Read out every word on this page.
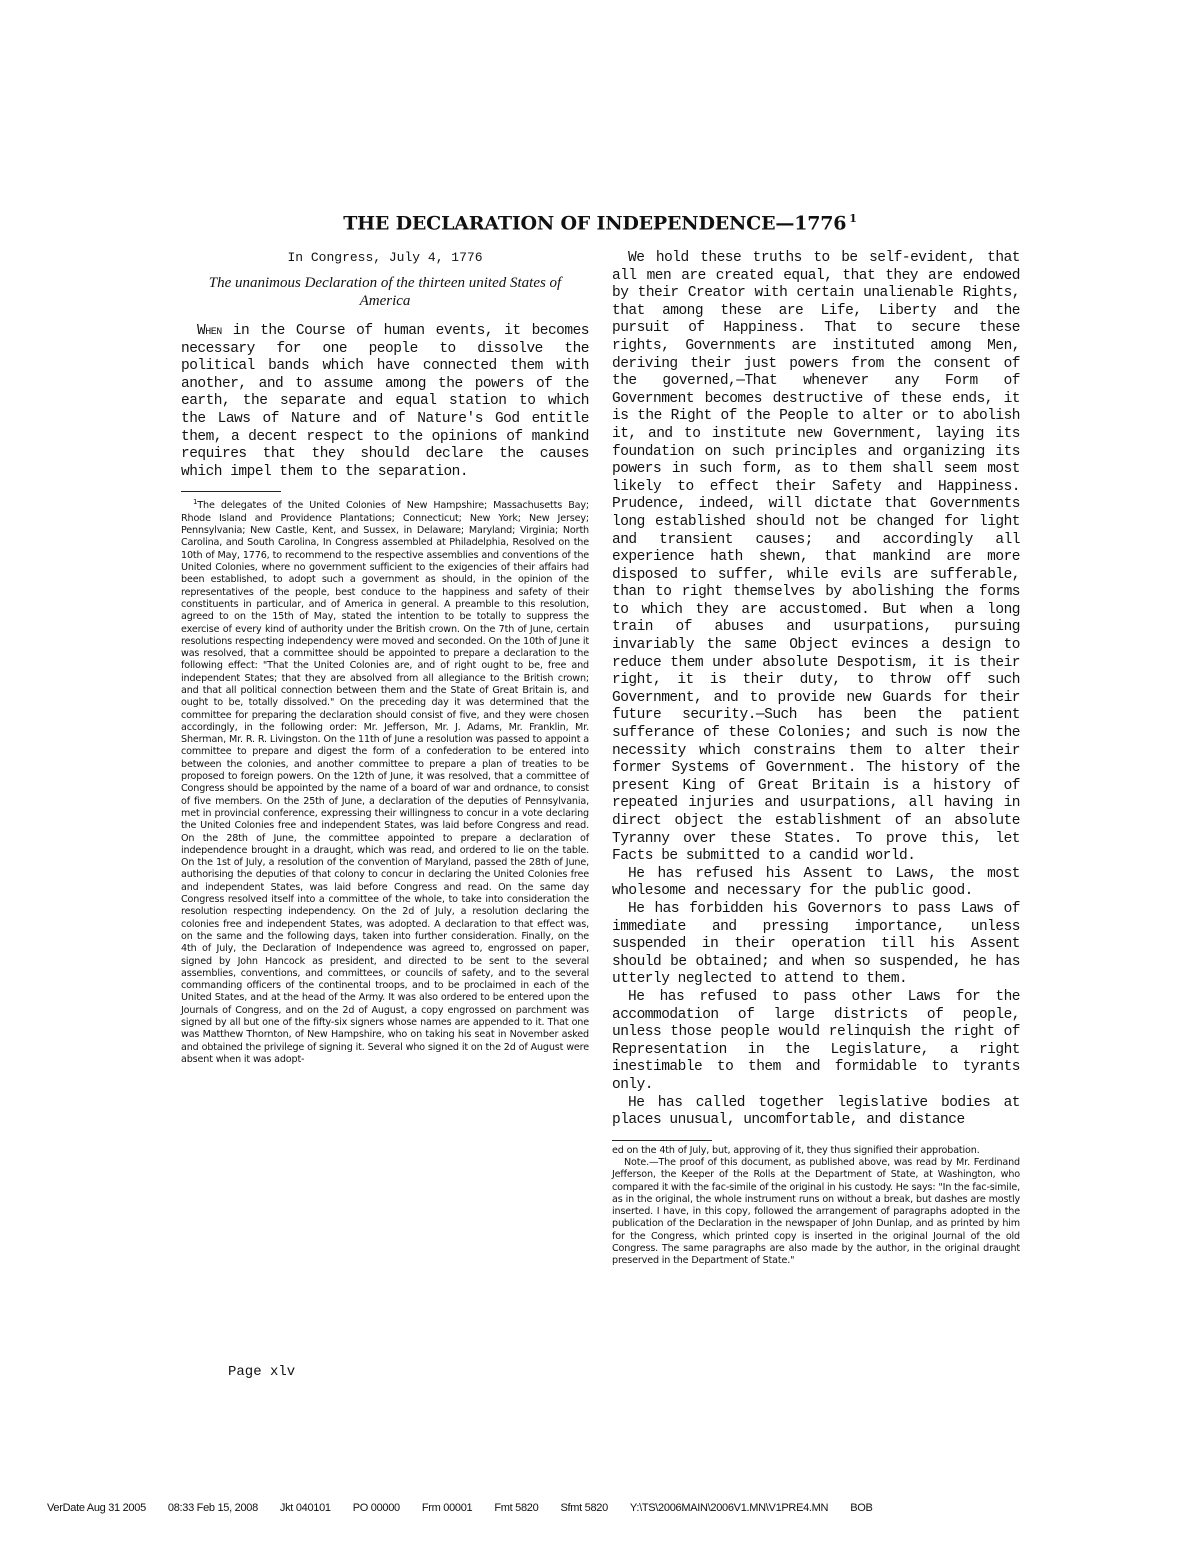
THE DECLARATION OF INDEPENDENCE—1776 $^1$

In Congress, July 4, 1776

The unanimous Declaration of the thirteen united States of America

When in the Course of human events, it becomes necessary for one people to dissolve the political bands which have connected them with another, and to assume among the powers of the earth, the separate and equal station to which the Laws of Nature and of Nature's God entitle them, a decent respect to the opinions of mankind requires that they should declare the causes which impel them to the separation.

$^1$The delegates of the United Colonies of New Hampshire; Massachusetts Bay; Rhode Island and Providence Plantations; Connecticut; New York; New Jersey; Pennsylvania; New Castle, Kent, and Sussex, in Delaware; Maryland; Virginia; North Carolina, and South Carolina, In Congress assembled at Philadelphia, Resolved on the 10th of May, 1776, to recommend to the respective assemblies and conventions of the United Colonies, where no government sufficient to the exigencies of their affairs had been established, to adopt such a government as should, in the opinion of the representatives of the people, best conduce to the happiness and safety of their constituents in particular, and of America in general. A preamble to this resolution, agreed to on the 15th of May, stated the intention to be totally to suppress the exercise of every kind of authority under the British crown. On the 7th of June, certain resolutions respecting independency were moved and seconded. On the 10th of June it was resolved, that a committee should be appointed to prepare a declaration to the following effect: "That the United Colonies are, and of right ought to be, free and independent States; that they are absolved from all allegiance to the British crown; and that all political connection between them and the State of Great Britain is, and ought to be, totally dissolved." On the preceding day it was determined that the committee for preparing the declaration should consist of five, and they were chosen accordingly, in the following order: Mr. Jefferson, Mr. J. Adams, Mr. Franklin, Mr. Sherman, Mr. R. R. Livingston. On the 11th of June a resolution was passed to appoint a committee to prepare and digest the form of a confederation to be entered into between the colonies, and another committee to prepare a plan of treaties to be proposed to foreign powers. On the 12th of June, it was resolved, that a committee of Congress should be appointed by the name of a board of war and ordnance, to consist of five members. On the 25th of June, a declaration of the deputies of Pennsylvania, met in provincial conference, expressing their willingness to concur in a vote declaring the United Colonies free and independent States, was laid before Congress and read. On the 28th of June, the committee appointed to prepare a declaration of independence brought in a draught, which was read, and ordered to lie on the table. On the 1st of July, a resolution of the convention of Maryland, passed the 28th of June, authorising the deputies of that colony to concur in declaring the United Colonies free and independent States, was laid before Congress and read. On the same day Congress resolved itself into a committee of the whole, to take into consideration the resolution respecting independency. On the 2d of July, a resolution declaring the colonies free and independent States, was adopted. A declaration to that effect was, on the same and the following days, taken into further consideration. Finally, on the 4th of July, the Declaration of Independence was agreed to, engrossed on paper, signed by John Hancock as president, and directed to be sent to the several assemblies, conventions, and committees, or councils of safety, and to the several commanding officers of the continental troops, and to be proclaimed in each of the United States, and at the head of the Army. It was also ordered to be entered upon the Journals of Congress, and on the 2d of August, a copy engrossed on parchment was signed by all but one of the fifty-six signers whose names are appended to it. That one was Matthew Thornton, of New Hampshire, who on taking his seat in November asked and obtained the privilege of signing it. Several who signed it on the 2d of August were absent when it was adopt-

We hold these truths to be self-evident, that all men are created equal, that they are endowed by their Creator with certain unalienable Rights, that among these are Life, Liberty and the pursuit of Happiness. That to secure these rights, Governments are instituted among Men, deriving their just powers from the consent of the governed,—That whenever any Form of Government becomes destructive of these ends, it is the Right of the People to alter or to abolish it, and to institute new Government, laying its foundation on such principles and organizing its powers in such form, as to them shall seem most likely to effect their Safety and Happiness. Prudence, indeed, will dictate that Governments long established should not be changed for light and transient causes; and accordingly all experience hath shewn, that mankind are more disposed to suffer, while evils are sufferable, than to right themselves by abolishing the forms to which they are accustomed. But when a long train of abuses and usurpations, pursuing invariably the same Object evinces a design to reduce them under absolute Despotism, it is their right, it is their duty, to throw off such Government, and to provide new Guards for their future security.—Such has been the patient sufferance of these Colonies; and such is now the necessity which constrains them to alter their former Systems of Government. The history of the present King of Great Britain is a history of repeated injuries and usurpations, all having in direct object the establishment of an absolute Tyranny over these States. To prove this, let Facts be submitted to a candid world.

He has refused his Assent to Laws, the most wholesome and necessary for the public good.

He has forbidden his Governors to pass Laws of immediate and pressing importance, unless suspended in their operation till his Assent should be obtained; and when so suspended, he has utterly neglected to attend to them.

He has refused to pass other Laws for the accommodation of large districts of people, unless those people would relinquish the right of Representation in the Legislature, a right inestimable to them and formidable to tyrants only.

He has called together legislative bodies at places unusual, uncomfortable, and distance

ed on the 4th of July, but, approving of it, they thus signified their approbation.

Note.—The proof of this document, as published above, was read by Mr. Ferdinand Jefferson, the Keeper of the Rolls at the Department of State, at Washington, who compared it with the fac-simile of the original in his custody. He says: "In the fac-simile, as in the original, the whole instrument runs on without a break, but dashes are mostly inserted. I have, in this copy, followed the arrangement of paragraphs adopted in the publication of the Declaration in the newspaper of John Dunlap, and as printed by him for the Congress, which printed copy is inserted in the original Journal of the old Congress. The same paragraphs are also made by the author, in the original draught preserved in the Department of State."

Page xlv

VerDate Aug 31 2005 08:33 Feb 15, 2008 Jkt 040101 PO 00000 Frm 00001 Fmt 5820 Sfmt 5820 Y:\TS\2006MAIN\2006V1.MN\V1PRE4.MN BOB
